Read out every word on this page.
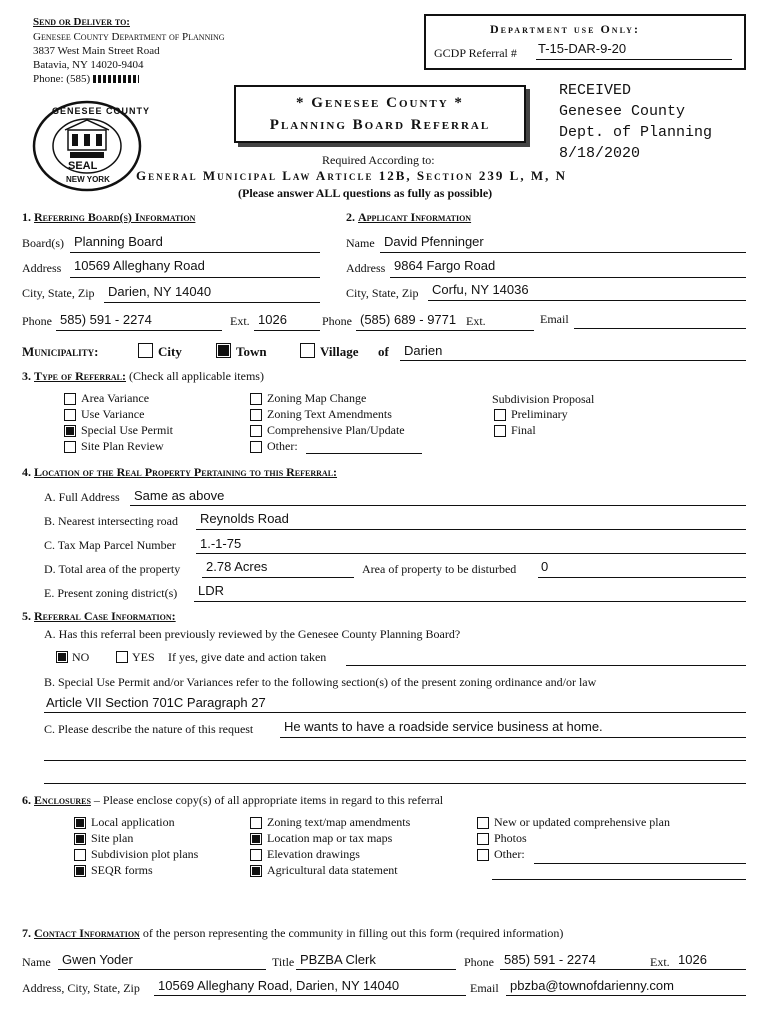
Send or Deliver to:
Genesee County Department of Planning
3837 West Main Street Road
Batavia, NY 14020-9404
Phone: (585)
Department use Only:
GCDP Referral # T-15-DAR-9-20
GENESEE COUNTY
SEAL
NEW YORK
* Genesee County *
Planning Board Referral
RECEIVED
Genesee County
Dept. of Planning
8/18/2020
Required According to:
General Municipal Law Article 12B, Section 239 L, M, N
(Please answer ALL questions as fully as possible)
1. Referring Board(s) Information
Board(s) Planning Board
Address 10569 Alleghany Road
City, State, Zip Darien, NY 14040
Phone 585) 591 - 2274	Ext. 1026
2. Applicant Information
Name David Pfenninger
Address 9864 Fargo Road
City, State, Zip Corfu, NY 14036
Phone (585) 689 - 9771 Ext.	Email
Municipality:	City	Town	Village of Darien
3. Type of Referral: (Check all applicable items)
Area Variance
Use Variance
Special Use Permit
Site Plan Review
Zoning Map Change
Zoning Text Amendments
Comprehensive Plan/Update
Other:
Subdivision Proposal
Preliminary
Final
4. Location of the Real Property Pertaining to this Referral:
A. Full Address Same as above
B. Nearest intersecting road Reynolds Road
C. Tax Map Parcel Number 1.-1-75
D. Total area of the property 2.78 Acres	Area of property to be disturbed 0
E. Present zoning district(s) LDR
5. Referral Case Information:
A. Has this referral been previously reviewed by the Genesee County Planning Board?
NO	YES If yes, give date and action taken
B. Special Use Permit and/or Variances refer to the following section(s) of the present zoning ordinance and/or law
Article VII Section 701C Paragraph 27
C. Please describe the nature of this request He wants to have a roadside service business at home.
6. Enclosures – Please enclose copy(s) of all appropriate items in regard to this referral
Local application
Site plan
Subdivision plot plans
SEQR forms
Zoning text/map amendments
Location map or tax maps
Elevation drawings
Agricultural data statement
New or updated comprehensive plan
Photos
Other:
7. Contact Information of the person representing the community in filling out this form (required information)
Name Gwen Yoder	Title PBZBA Clerk	Phone 585) 591 - 2274	Ext. 1026
Address, City, State, Zip 10569 Alleghany Road, Darien, NY 14040	Email pbzba@townofdarienny.com
